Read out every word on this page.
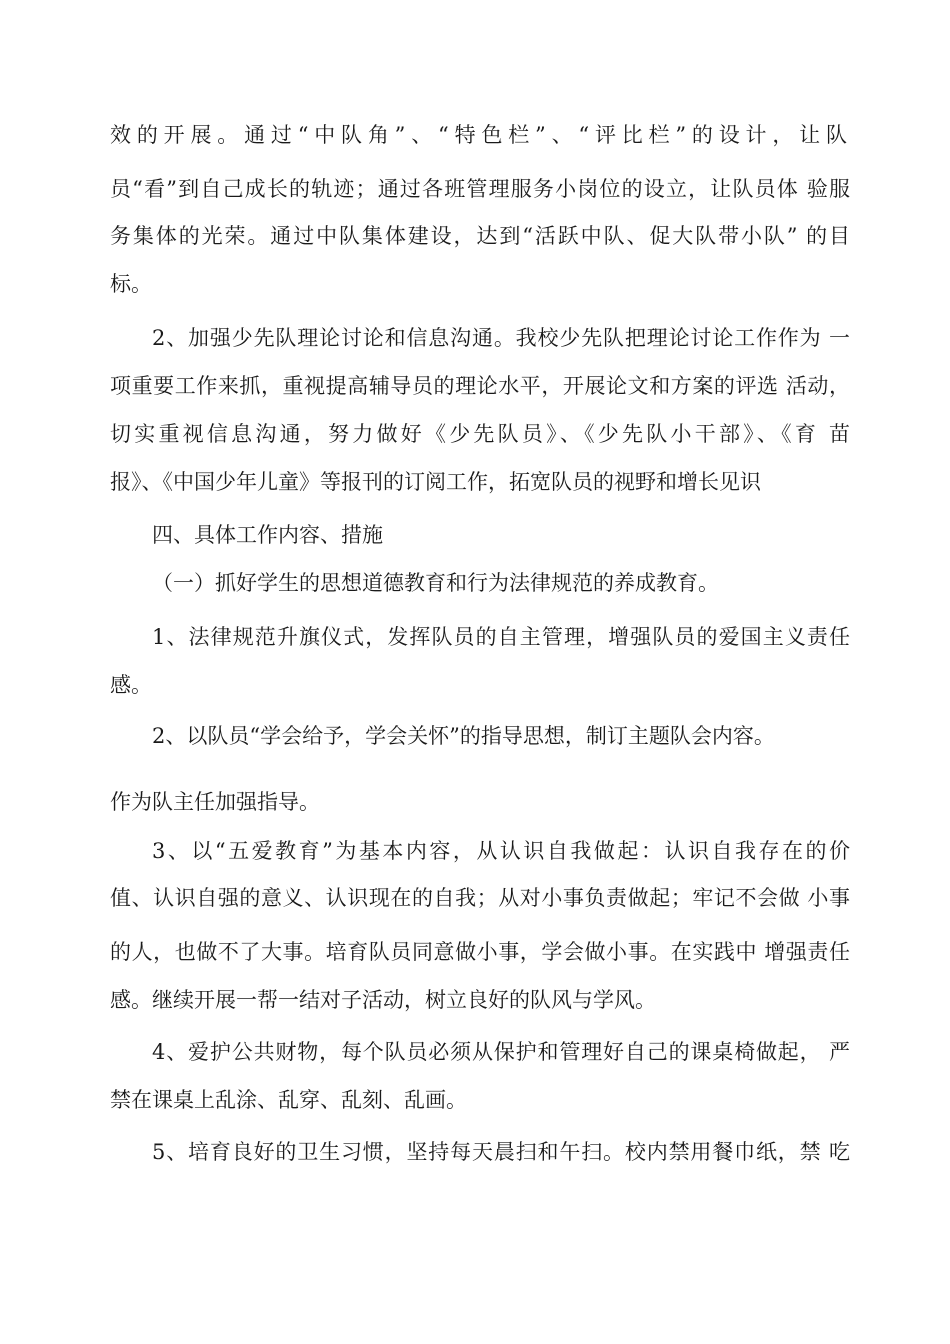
效的开展。通过“中队角”、“特色栏”、“评比栏”的设计，让队
员“看”到自己成长的轨迹；通过各班管理服务小岗位的设立，让队员体 验服
务集体的光荣。通过中队集体建设，达到“活跃中队、促大队带小队” 的目
标。
2、加强少先队理论讨论和信息沟通。我校少先队把理论讨论工作作为 一
项重要工作来抓，重视提高辅导员的理论水平，开展论文和方案的评选 活动，
切实重视信息沟通，努力做好《少先队员》、《少先队小干部》、《育 苗
报》、《中国少年儿童》等报刊的订阅工作，拓宽队员的视野和增长见识
四、具体工作内容、措施
（一）抓好学生的思想道德教育和行为法律规范的养成教育。
1、法律规范升旗仪式，发挥队员的自主管理，增强队员的爱国主义责任
感。
2、以队员“学会给予，学会关怀”的指导思想，制订主题队会内容。
作为队主任加强指导。
3、以“五爱教育”为基本内容，从认识自我做起：认识自我存在的价
值、认识自强的意义、认识现在的自我；从对小事负责做起；牢记不会做 小事
的人，也做不了大事。培育队员同意做小事，学会做小事。在实践中 增强责任
感。继续开展一帮一结对子活动，树立良好的队风与学风。
4、爱护公共财物，每个队员必须从保护和管理好自己的课桌椅做起， 严
禁在课桌上乱涂、乱穿、乱刻、乱画。
5、培育良好的卫生习惯，坚持每天晨扫和午扫。校内禁用餐巾纸，禁 吃
